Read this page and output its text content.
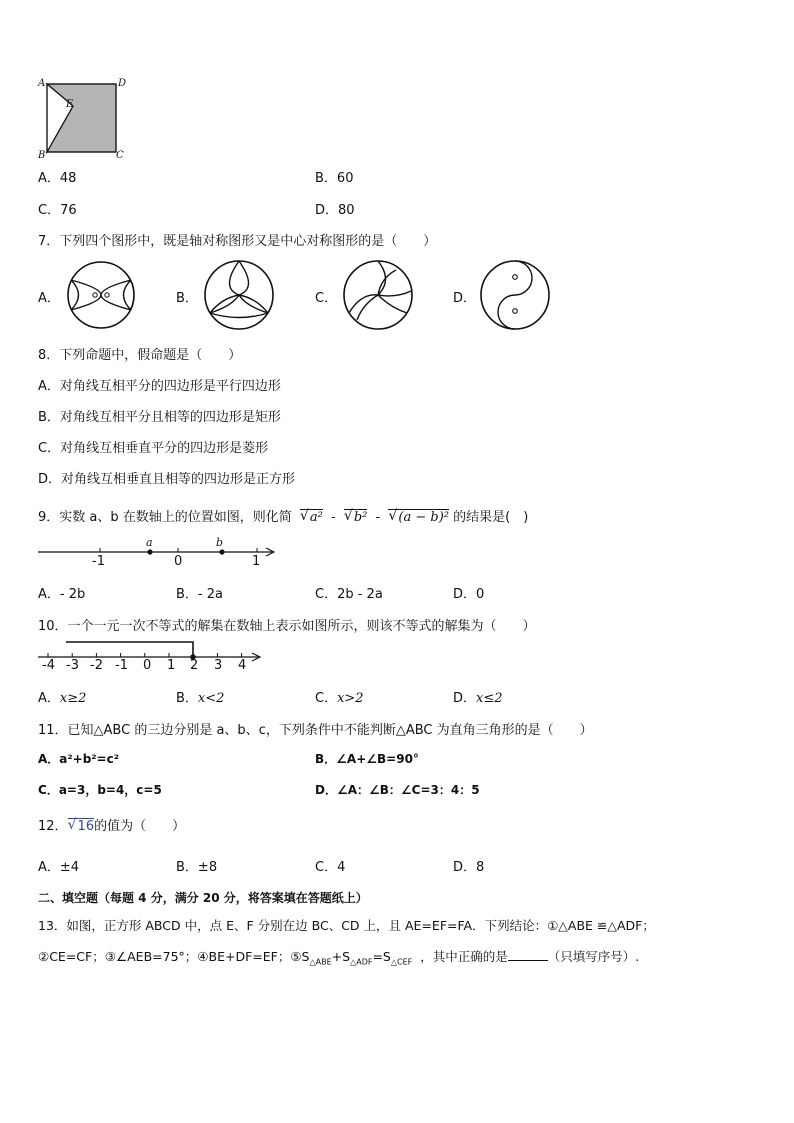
A	D
E
B	C
A．48	B．60
C．76	D．80
7．下列四个图形中，既是轴对称图形又是中心对称图形的是（　　）
A．	B．	C．	D．
8．下列命题中，假命题是（　　）
A．对角线互相平分的四边形是平行四边形
B．对角线互相平分且相等的四边形是矩形
C．对角线互相垂直平分的四边形是菱形
D．对角线互相垂直且相等的四边形是正方形
9．实数 a、b 在数轴上的位置如图，则化简 √ a² - √ b² - √ (a − b)² 的结果是(　)
a	b
-1	0	1
A．- 2b	B．- 2a	C．2b - 2a	D．0
10．一个一元一次不等式的解集在数轴上表示如图所示，则该不等式的解集为（　　）
-4 -3 -2 -1 0 1 2 3 4
A．x≥2	B．x<2	C．x>2	D．x≤2
11．已知△ABC 的三边分别是 a、b、c，下列条件中不能判断△ABC 为直角三角形的是（　　）
A．a²+b²=c²	B．∠A+∠B=90°
C．a=3，b=4，c=5	D．∠A：∠B：∠C=3：4：5
12． √ 16的值为（　　）
A．±4	B．±8	C．4	D．8
二、填空题（每题 4 分，满分 20 分，将答案填在答题纸上）
13．如图，正方形 ABCD 中，点 E、F 分别在边 BC、CD 上，且 AE=EF=FA．下列结论：①△ABE ≌△ADF；
②CE=CF；③∠AEB=75°；④BE+DF=EF；$⑤S_{\triangle ABE}+S_{\triangle ADF}=S_{\triangle CEF}$ ，其中正确的是	（只填写序号）.
